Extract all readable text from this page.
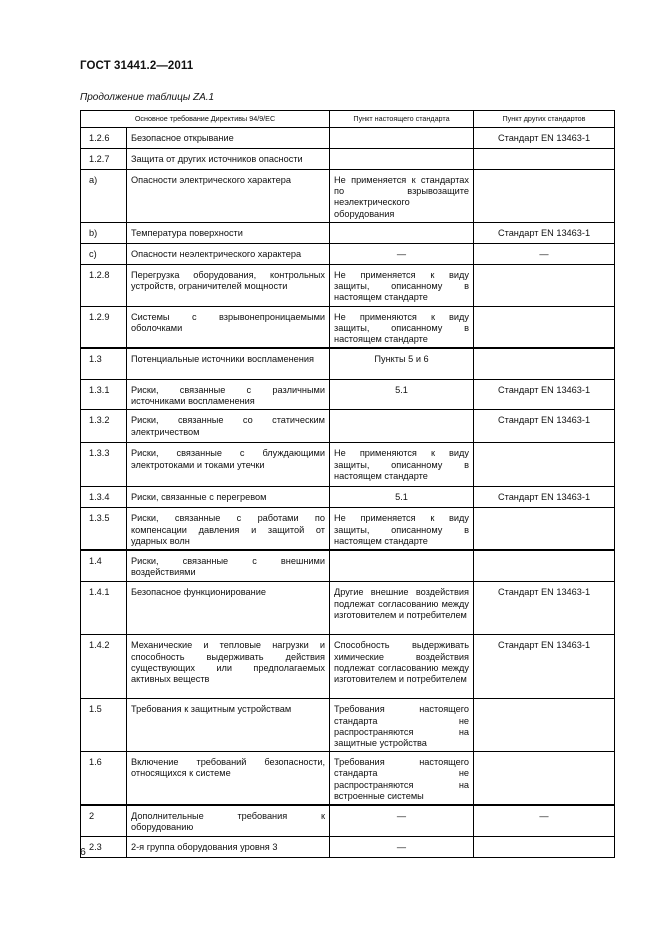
ГОСТ 31441.2—2011
Продолжение таблицы ZA.1
Основное требование Директивы 94/9/ЕС		Пункт настоящего стандарта	Пункт других стандартов
1.2.6	Безопасное открывание		Стандарт EN 13463-1
1.2.7	Защита от других источников опасности		
a)	Опасности электрического характера	Не применяется к стандартах по взрывозащите неэлектрического оборудования	
b)	Температура поверхности		Стандарт EN 13463-1
c)	Опасности неэлектрического характера	—	—
1.2.8	Перегрузка оборудования, контрольных устройств, ограничителей мощности	Не применяется к виду защиты, описанному в настоящем стандарте	
1.2.9	Системы с взрывонепроницаемыми оболочками	Не применяются к виду защиты, описанному в настоящем стандарте	
1.3	Потенциальные источники воспламенения	Пункты 5 и 6	
1.3.1	Риски, связанные с различными источниками воспламенения	5.1	Стандарт EN 13463-1
1.3.2	Риски, связанные со статическим электричеством		Стандарт EN 13463-1
1.3.3	Риски, связанные с блуждающими электротоками и токами утечки	Не применяются к виду защиты, описанному в настоящем стандарте	
1.3.4	Риски, связанные с перегревом	5.1	Стандарт EN 13463-1
1.3.5	Риски, связанные с работами по компенсации давления и защитой от ударных волн	Не применяется к виду защиты, описанному в настоящем стандарте	
1.4	Риски, связанные с внешними воздействиями		
1.4.1	Безопасное функционирование	Другие внешние воздействия подлежат согласованию между изготовителем и потребителем	Стандарт EN 13463-1
1.4.2	Механические и тепловые нагрузки и способность выдерживать действия существующих или предполагаемых активных веществ	Способность выдерживать химические воздействия подлежат согласованию между изготовителем и потребителем	Стандарт EN 13463-1
1.5	Требования к защитным устройствам	Требования настоящего стандарта не распространяются на защитные устройства	
1.6	Включение требований безопасности, относящихся к системе	Требования настоящего стандарта не распространяются на встроенные системы	
2	Дополнительные требования к оборудованию	—	—
2.3	2-я группа оборудования уровня 3	—	
6
